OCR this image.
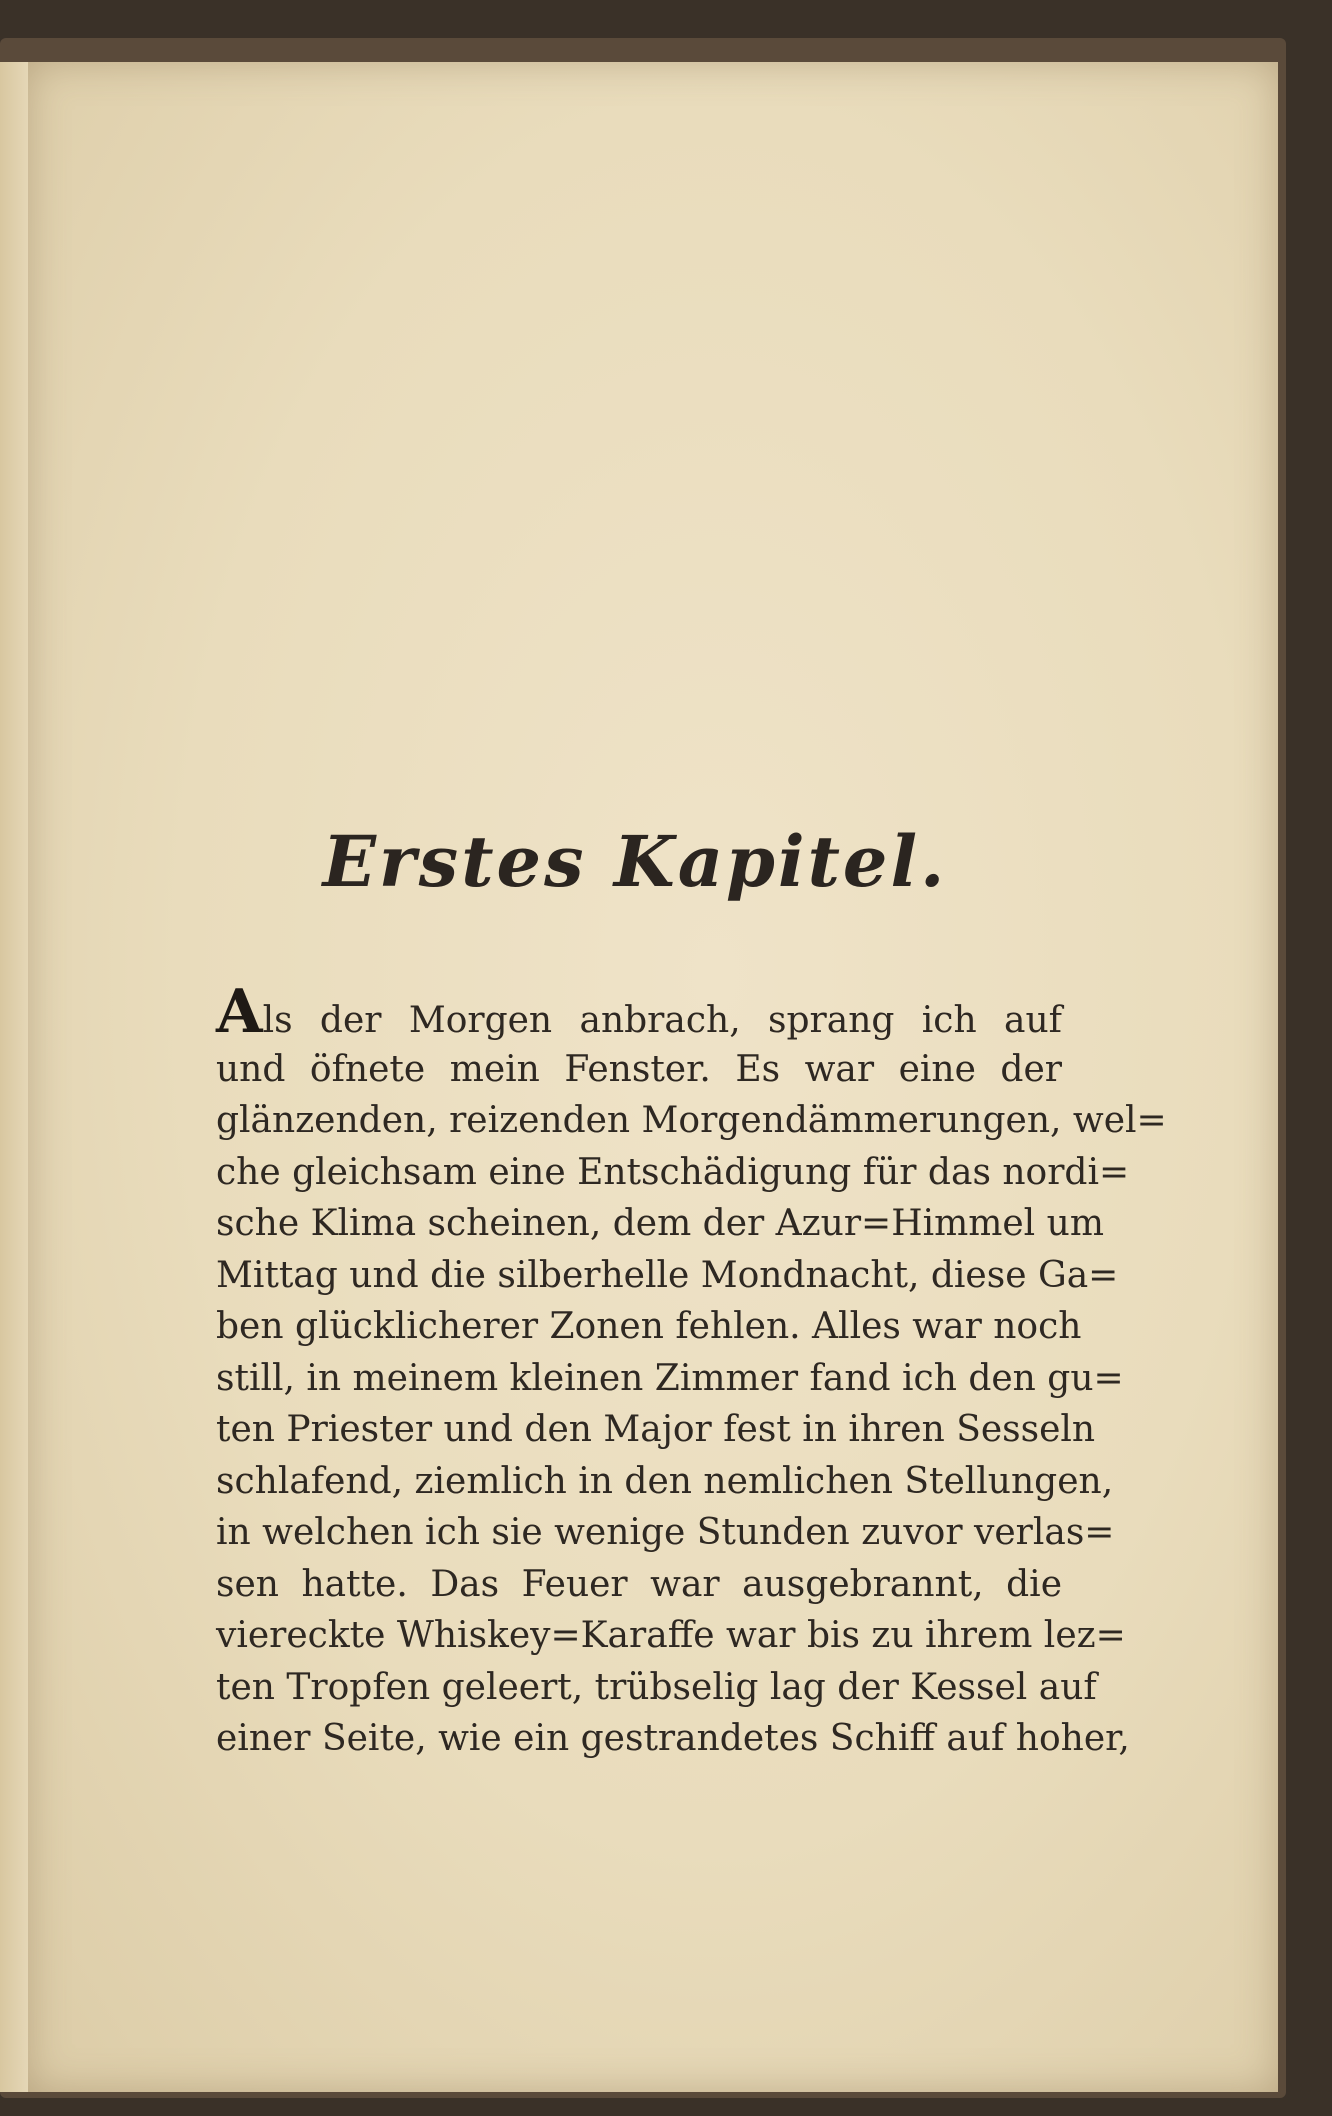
Erstes Kapitel.
Als der Morgen anbrach, sprang ich auf
und öfnete mein Fenster. Es war eine der
glänzenden, reizenden Morgendämmerungen, wel=
che gleichsam eine Entschädigung für das nordi=
sche Klima scheinen, dem der Azur=Himmel um
Mittag und die silberhelle Mondnacht, diese Ga=
ben glücklicherer Zonen fehlen. Alles war noch
still, in meinem kleinen Zimmer fand ich den gu=
ten Priester und den Major fest in ihren Sesseln
schlafend, ziemlich in den nemlichen Stellungen,
in welchen ich sie wenige Stunden zuvor verlas=
sen hatte. Das Feuer war ausgebrannt, die
viereckte Whiskey=Karaffe war bis zu ihrem lez=
ten Tropfen geleert, trübselig lag der Kessel auf
einer Seite, wie ein gestrandetes Schiff auf hoher,
